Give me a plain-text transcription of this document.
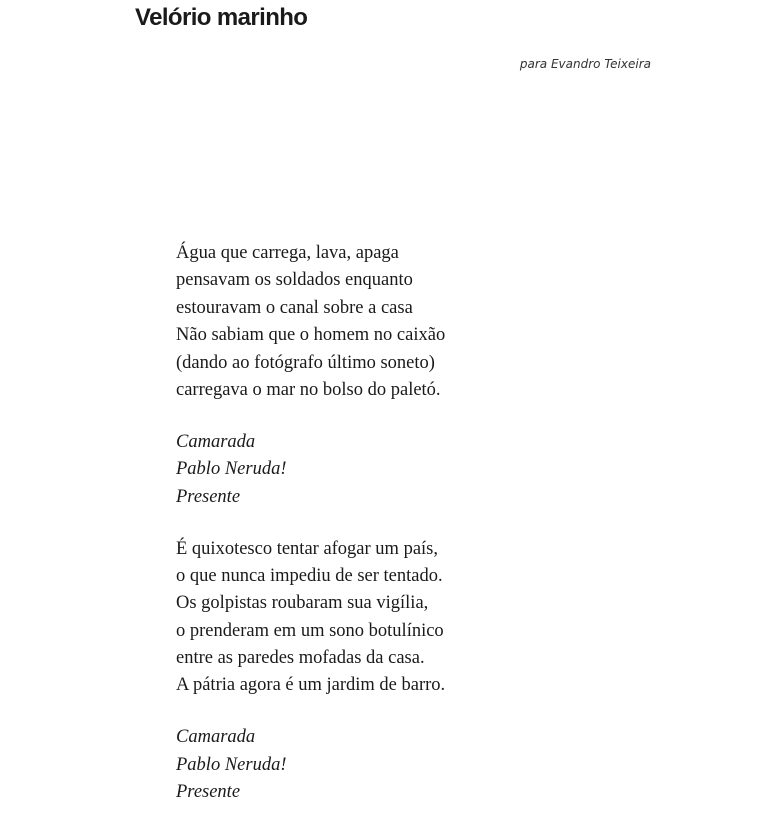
Velório marinho

para Evandro Teixeira

Água que carrega, lava, apaga
pensavam os soldados enquanto
estouravam o canal sobre a casa
Não sabiam que o homem no caixão
(dando ao fotógrafo último soneto)
carregava o mar no bolso do paletó.
Camarada
Pablo Neruda!
Presente
É quixotesco tentar afogar um país,
o que nunca impediu de ser tentado.
Os golpistas roubaram sua vigília,
o prenderam em um sono botulínico
entre as paredes mofadas da casa.
A pátria agora é um jardim de barro.
Camarada
Pablo Neruda!
Presente
